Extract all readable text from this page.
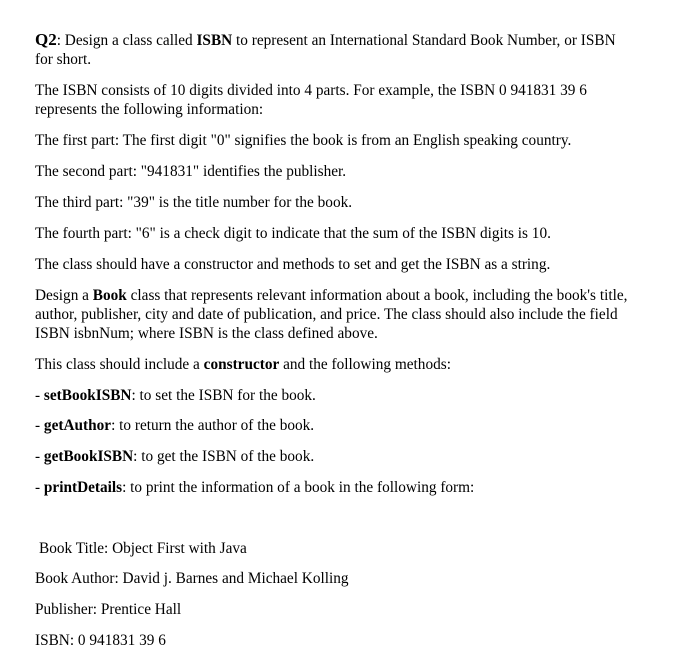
Q2: Design a class called ISBN to represent an International Standard Book Number, or ISBN
for short.
The ISBN consists of 10 digits divided into 4 parts. For example, the ISBN 0 941831 39 6
represents the following information:
The first part: The first digit "0" signifies the book is from an English speaking country.
The second part: "941831" identifies the publisher.
The third part: "39" is the title number for the book.
The fourth part: "6" is a check digit to indicate that the sum of the ISBN digits is 10.
The class should have a constructor and methods to set and get the ISBN as a string.
Design a Book class that represents relevant information about a book, including the book's title,
author, publisher, city and date of publication, and price. The class should also include the field
ISBN isbnNum; where ISBN is the class defined above.
This class should include a constructor and the following methods:
- setBookISBN: to set the ISBN for the book.
- getAuthor: to return the author of the book.
- getBookISBN: to get the ISBN of the book.
- printDetails: to print the information of a book in the following form:
Book Title: Object First with Java
Book Author: David j. Barnes and Michael Kolling
Publisher: Prentice Hall
ISBN: 0 941831 39 6
